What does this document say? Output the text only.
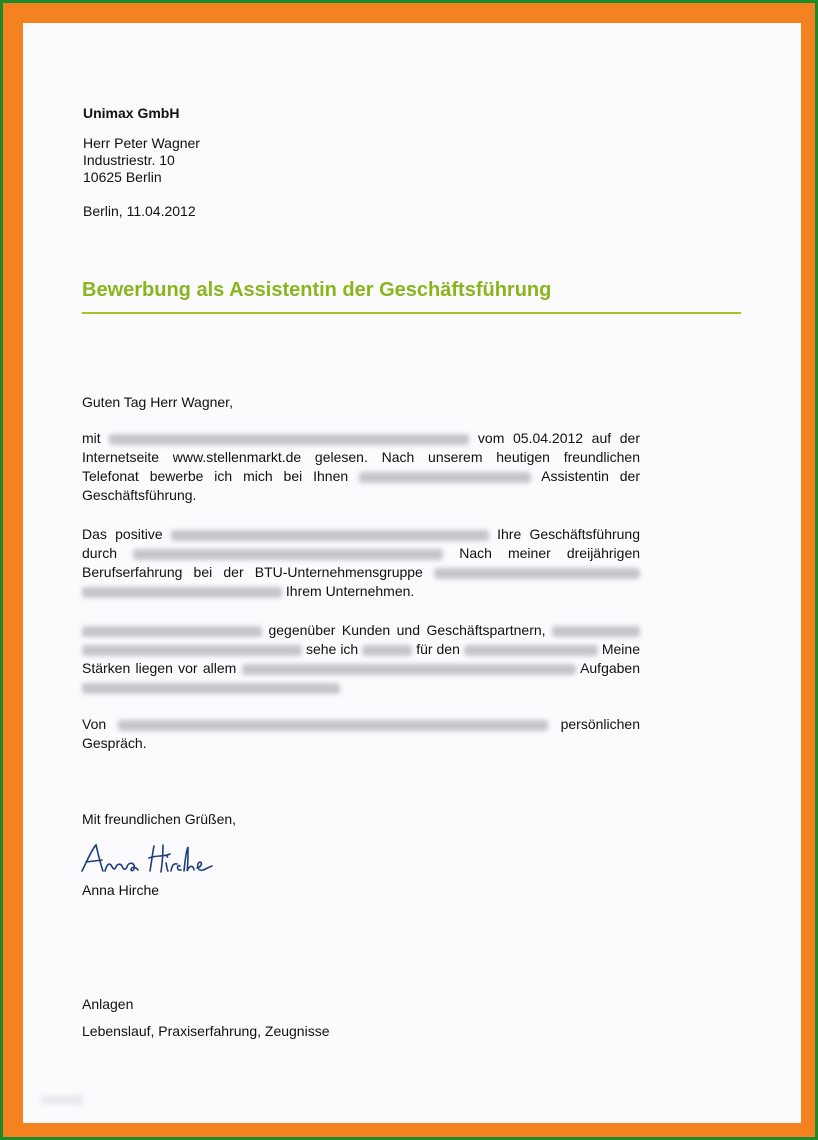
Unimax GmbH
Herr Peter Wagner
Industriestr. 10
10625 Berlin
Berlin, 11.04.2012
Bewerbung als Assistentin der Geschäftsführung
Guten Tag Herr Wagner,
mit	vom 05.04.2012 auf der Internetseite www.stellenmarkt.de gelesen. Nach unserem heutigen freundlichen Telefonat bewerbe ich mich bei Ihnen	Assistentin der Geschäftsführung.
Das positive	Ihre Geschäftsführung durch	Nach meiner dreijährigen Berufserfahrung bei der BTU-Unternehmensgruppe   Ihrem Unternehmen.
gegenüber Kunden und Geschäftspartnern,   sehe ich	für den	Meine Stärken liegen vor allem	Aufgaben
Von	persönlichen Gespräch.
Mit freundlichen Grüßen,
Anna Hirche
Anlagen
Lebenslauf, Praxiserfahrung, Zeugnisse
